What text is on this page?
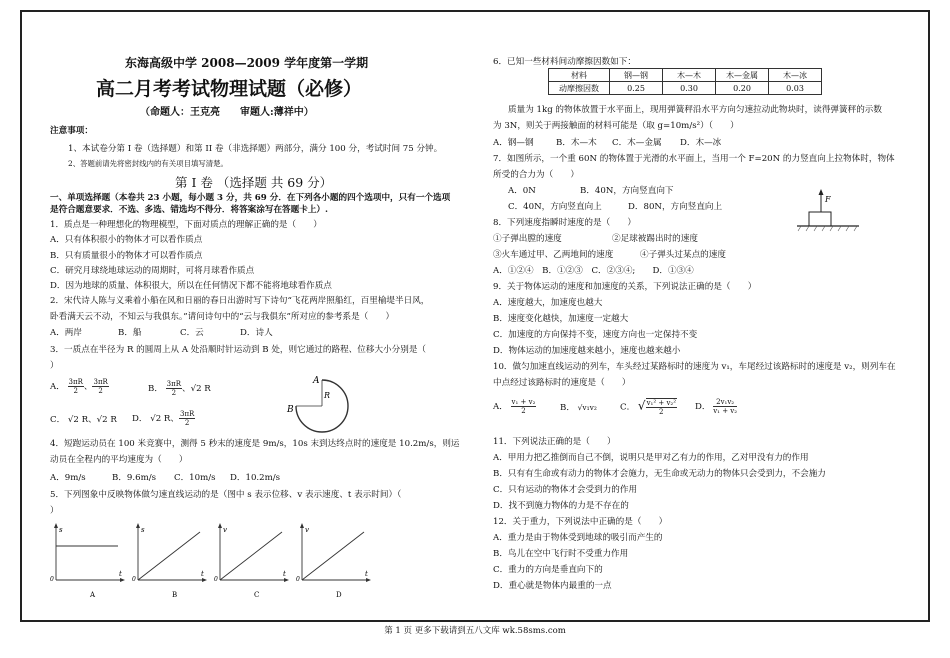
东海高级中学 2008—2009 学年度第一学期
高二月考考试物理试题（必修）
（命题人：王克亮　　审题人:薄祥中）
注意事项：
1、本试卷分第 I 卷（选择题）和第 II 卷（非选择题）两部分，满分 100 分，考试时间 75 分钟。
2、答题前请先将密封线内的有关项目填写清楚。
第 I 卷 （选择题 共 69 分）
一、单项选择题（本卷共 23 小题，每小题 3 分，共 69 分．在下列各小题的四个选项中，只有一个选项
是符合题意要求．不选、多选、错选均不得分．将答案涂写在答题卡上）.
1．质点是一种理想化的物理模型，下面对质点的理解正确的是（　　）
A．只有体积很小的物体才可以看作质点
B．只有质量很小的物体才可以看作质点
C．研究月球绕地球运动的周期时，可将月球看作质点
D．因为地球的质量、体积很大，所以在任何情况下都不能将地球看作质点
2．宋代诗人陈与义乘着小船在风和日丽的春日出游时写下诗句“飞花两岸照船红，百里榆堤半日风，
卧看满天云不动，不知云与我俱东。”请问诗句中的“云与我俱东”所对应的参考系是（　　）
A．两岸	B．船	C．云	D．诗人
3．一质点在半径为 R 的圆周上从 A 处沿顺时针运动到 B 处，则它通过的路程、位移大小分别是（
）
A． $\frac{3\pi R}{2}$ 、 $\frac{3\pi R}{2}$	B． $\frac{3\pi R}{2}$ 、√2 R
C． √2 R、√2 R D． √2 R、 $\frac{3\pi R}{2}$
A
B
R
4．短跑运动员在 100 米竞赛中，测得 5 秒末的速度是 9m/s，10s 末到达终点时的速度是 10.2m/s，则运
动员在全程内的平均速度为（　　）
A．9m/s	B．9.6m/s C．10m/s D．10.2m/s
5．下列图象中反映物体做匀速直线运动的是（图中 s 表示位移、v 表示速度、t 表示时间）（
）
s
t
0
A
s
t
0
B
v
t
0
C
v
t
0
D
6．已知一些材料间动摩擦因数如下：
材料	钢—钢	木—木	木—金属	木—冰
动摩擦因数	0.25	0.30	0.20	0.03
质量为 1kg 的物体放置于水平面上，现用弹簧秤沿水平方向匀速拉动此物块时，读得弹簧秤的示数
为 3N，则关于两接触面的材料可能是（取 g=10m/s²）（　　）
A．钢—钢	B．木—木 C．木—金属 D．木—冰
7．如图所示，一个重 60N 的物体置于光滑的水平面上，当用一个 F=20N 的力竖直向上拉物体时，物体
所受的合力为（　　）
A．0N	B．40N，方向竖直向下
C．40N，方向竖直向上	D．80N，方向竖直向上
F
8．下列速度指瞬时速度的是（　　）
①子弹出膛的速度	②足球被踢出时的速度
③火车通过甲、乙两地间的速度	④子弹头过某点的速度
A．①②④　B．①②③　C．②③④;　　D．①③④
9．关于物体运动的速度和加速度的关系，下列说法正确的是（　　）
A．速度越大，加速度也越大
B．速度变化越快，加速度一定越大
C．加速度的方向保持不变，速度方向也一定保持不变
D．物体运动的加速度越来越小，速度也越来越小
10．做匀加速直线运动的列车，车头经过某路标时的速度为 v₁，车尾经过该路标时的速度是 v₂，则列车在
中点经过该路标时的速度是（　　）
A． $\frac{\text{v₁ + v₂}}{2}$	B． √v₁v₂	C． √ $\frac{\text{v₁² + v₂²}}{2}$ D． $\frac{\text{2v₁v₂}}{\text{v₁ + v₂}}$
11．下列说法正确的是（　　）
A．甲用力把乙推倒而自己不倒，说明只是甲对乙有力的作用，乙对甲没有力的作用
B．只有有生命或有动力的物体才会施力，无生命或无动力的物体只会受到力，不会施力
C．只有运动的物体才会受到力的作用
D．找不到施力物体的力是不存在的
12．关于重力，下列说法中正确的是（　　）
A．重力是由于物体受到地球的吸引而产生的
B．鸟儿在空中飞行时不受重力作用
C．重力的方向是垂直向下的
D．重心就是物体内最重的一点
第 1 页 更多下载请到五八文库 wk.58sms.com
